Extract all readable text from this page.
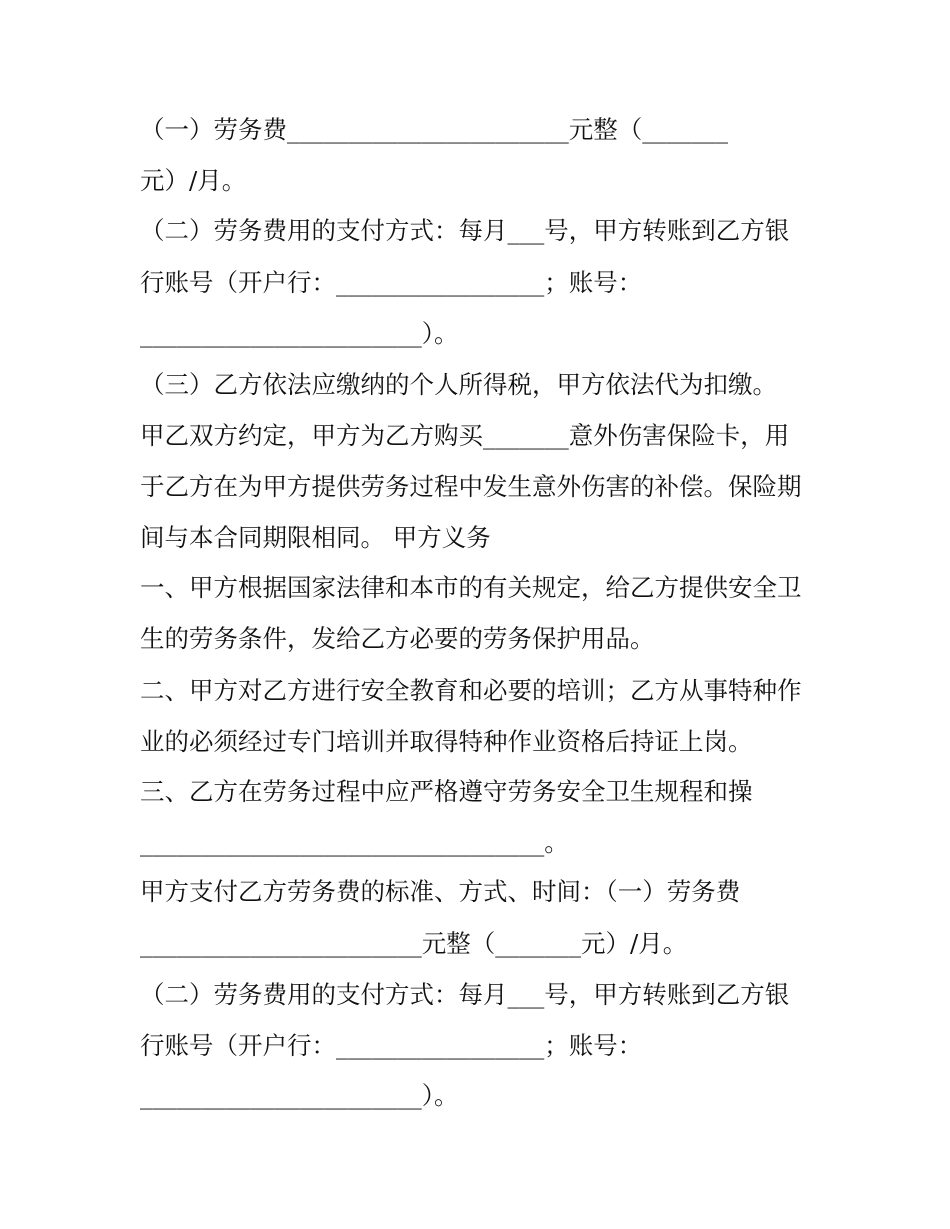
（一）劳务费_______________________元整（_______
元）/月。
（二）劳务费用的支付方式：每月___号，甲方转账到乙方银
行账号（开户行：_________________；账号：
_______________________）。
（三）乙方依法应缴纳的个人所得税，甲方依法代为扣缴。
甲乙双方约定，甲方为乙方购买_______意外伤害保险卡，用
于乙方在为甲方提供劳务过程中发生意外伤害的补偿。保险期
间与本合同期限相同。 甲方义务
一、甲方根据国家法律和本市的有关规定，给乙方提供安全卫
生的劳务条件，发给乙方必要的劳务保护用品。
二、甲方对乙方进行安全教育和必要的培训；乙方从事特种作
业的必须经过专门培训并取得特种作业资格后持证上岗。
三、乙方在劳务过程中应严格遵守劳务安全卫生规程和操
_________________________________。
甲方支付乙方劳务费的标准、方式、时间：（一）劳务费
_______________________元整（_______元）/月。
（二）劳务费用的支付方式：每月___号，甲方转账到乙方银
行账号（开户行：_________________；账号：
_______________________）。
